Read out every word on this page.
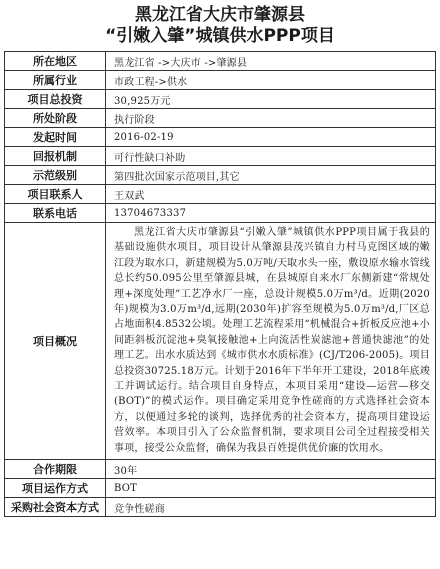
黑龙江省大庆市肇源县
“引嫩入肇”城镇供水PPP项目
所在地区	黑龙江省 ->大庆市 ->肇源县
所属行业	市政工程->供水
项目总投资	30,925万元
所处阶段	执行阶段
发起时间	2016-02-19
回报机制	可行性缺口补助
示范级别	第四批次国家示范项目,其它
项目联系人	王双武
联系电话	13704673337
项目概况	黑龙江省大庆市肇源县“引嫩入肇”城镇供水PPP项目属于我县的基础设施供水项目，项目设计从肇源县茂兴镇自力村马克图区域的嫩江段为取水口，新建规模为5.0万吨/天取水头一座，敷设原水输水管线总长约50.095公里至肇源县城，在县城原自来水厂东侧新建“常规处理+深度处理”工艺净水厂一座，总设计规模5.0万m³/d。近期(2020年)规模为3.0万m³/d,远期(2030年)扩容至规模为5.0万m³/d,厂区总占地面积4.8532公顷。处理工艺流程采用“机械混合+折板反应池+小间距斜板沉淀池+臭氧接触池+上向流活性炭滤池+普通快滤池”的处理工艺。出水水质达到《城市供水水质标准》(CJ/T206-2005)。项目总投资30725.18万元。计划于2016年下半年开工建设，2018年底竣工并调试运行。结合项目自身特点，本项目采用“建设—运营—移交(BOT)”的模式运作。项目确定采用竞争性磋商的方式选择社会资本方，以便通过多轮的谈判，选择优秀的社会资本方，提高项目建设运营效率。本项目引入了公众监督机制，要求项目公司全过程接受相关事项，接受公众监督，确保为我县百姓提供优价廉的饮用水。
合作期限	30年
项目运作方式	BOT
采购社会资本方式	竞争性磋商
